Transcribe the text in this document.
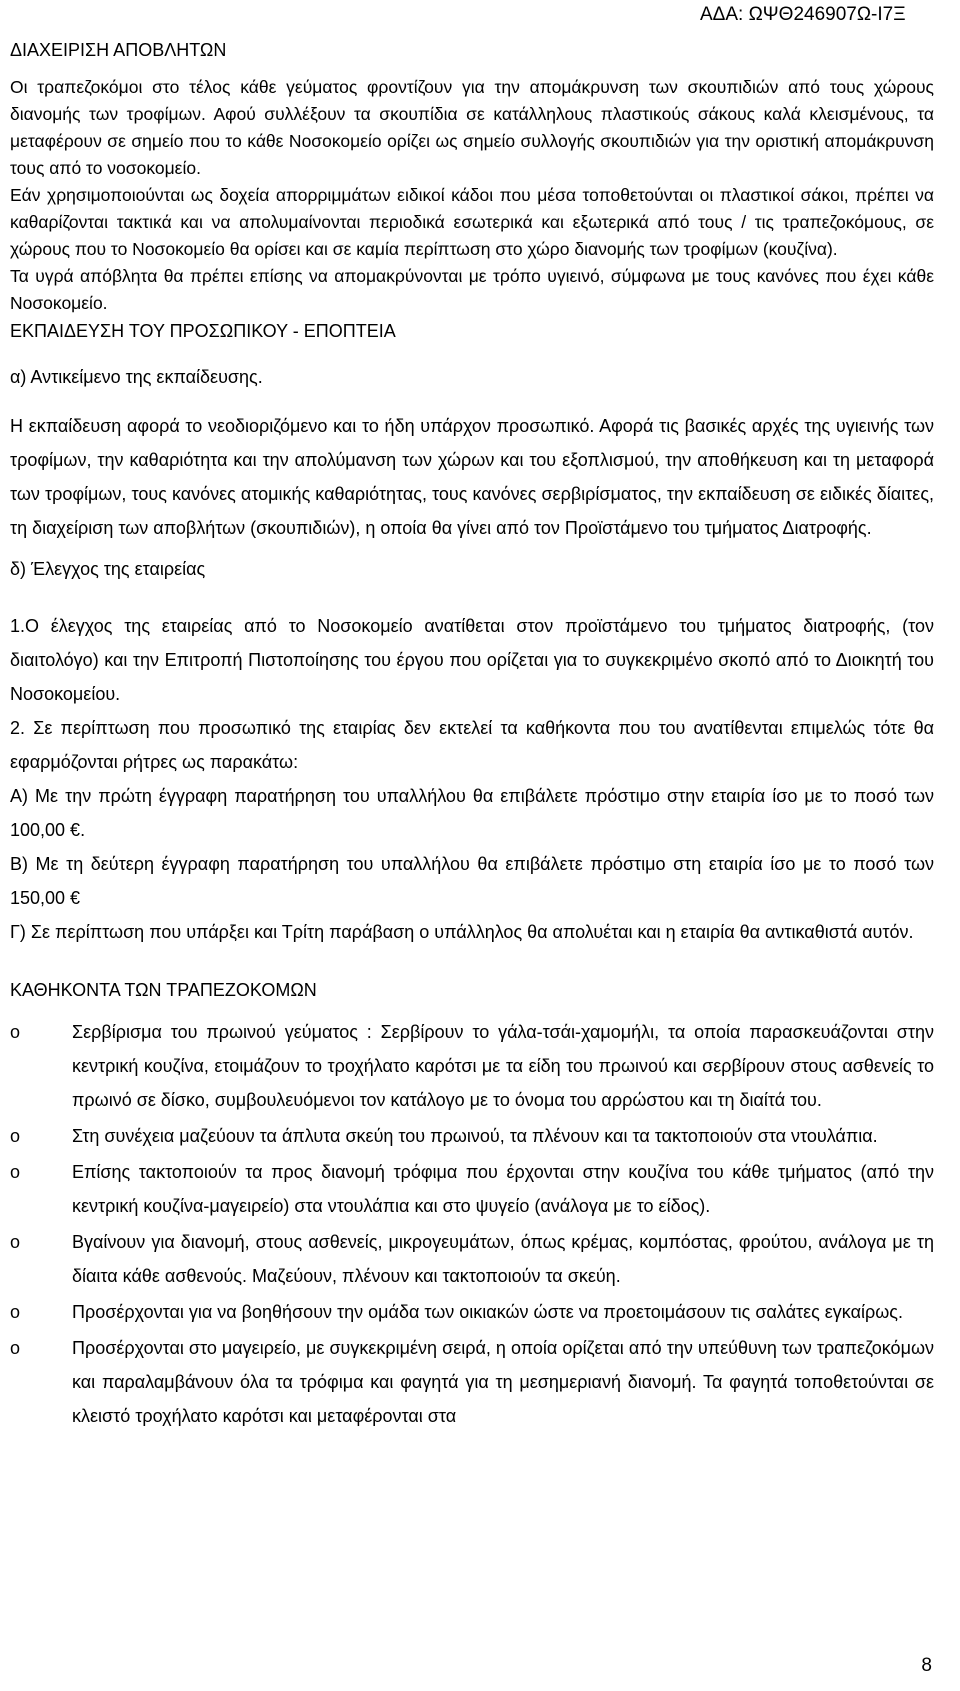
ΑΔΑ: ΩΨΘ246907Ω-Ι7Ξ

ΔΙΑΧΕΙΡΙΣΗ ΑΠΟΒΛΗΤΩΝ

Οι τραπεζοκόμοι στο τέλος κάθε γεύματος φροντίζουν για την απομάκρυνση των σκουπιδιών από τους χώρους διανομής των τροφίμων. Αφού συλλέξουν τα σκουπίδια σε κατάλληλους πλαστικούς σάκους καλά κλεισμένους, τα μεταφέρουν σε σημείο που το κάθε Νοσοκομείο ορίζει ως σημείο συλλογής σκουπιδιών για την οριστική απομάκρυνση τους από το νοσοκομείο.

Εάν χρησιμοποιούνται ως δοχεία απορριμμάτων ειδικοί κάδοι που μέσα τοποθετούνται οι πλαστικοί σάκοι, πρέπει να καθαρίζονται τακτικά και να απολυμαίνονται περιοδικά εσωτερικά και εξωτερικά από τους / τις τραπεζοκόμους, σε χώρους που το Νοσοκομείο θα ορίσει και σε καμία περίπτωση στο χώρο διανομής των τροφίμων (κουζίνα).

Τα υγρά απόβλητα θα πρέπει επίσης να απομακρύνονται με τρόπο υγιεινό, σύμφωνα με τους κανόνες που έχει κάθε Νοσοκομείο.

ΕΚΠΑΙΔΕΥΣΗ ΤΟΥ ΠΡΟΣΩΠΙΚΟΥ - ΕΠΟΠΤΕΙΑ

α) Αντικείμενο της εκπαίδευσης.

Η εκπαίδευση αφορά το νεοδιοριζόμενο και το ήδη υπάρχον προσωπικό. Αφορά τις βασικές αρχές της υγιεινής των τροφίμων, την καθαριότητα και την απολύμανση των χώρων και του εξοπλισμού, την αποθήκευση και τη μεταφορά των τροφίμων, τους κανόνες ατομικής καθαριότητας, τους κανόνες σερβιρίσματος, την εκπαίδευση σε ειδικές δίαιτες, τη διαχείριση των αποβλήτων (σκουπιδιών), η οποία θα γίνει από τον Προϊστάμενο του τμήματος Διατροφής.

δ) Έλεγχος της εταιρείας

1.Ο έλεγχος της εταιρείας από το Νοσοκομείο ανατίθεται στον προϊστάμενο του τμήματος διατροφής, (τον διαιτολόγο) και την Επιτροπή Πιστοποίησης του έργου που ορίζεται για το συγκεκριμένο σκοπό από το Διοικητή του Νοσοκομείου.

2. Σε περίπτωση που προσωπικό της εταιρίας δεν εκτελεί τα καθήκοντα που του ανατίθενται επιμελώς τότε θα εφαρμόζονται ρήτρες ως παρακάτω:

Α) Με την πρώτη έγγραφη παρατήρηση του υπαλλήλου θα επιβάλετε πρόστιμο στην εταιρία ίσο με το ποσό των 100,00 €.

Β) Με τη δεύτερη έγγραφη παρατήρηση του υπαλλήλου θα επιβάλετε πρόστιμο στη εταιρία ίσο με το ποσό των 150,00 €

Γ) Σε περίπτωση που υπάρξει και Τρίτη παράβαση ο υπάλληλος θα απολυέται και η εταιρία θα αντικαθιστά αυτόν.

ΚΑΘΗΚΟΝΤΑ ΤΩΝ ΤΡΑΠΕΖΟΚΟΜΩΝ

o	Σερβίρισμα του πρωινού γεύματος : Σερβίρουν το γάλα-τσάι-χαμομήλι, τα οποία παρασκευάζονται στην κεντρική κουζίνα, ετοιμάζουν το τροχήλατο καρότσι με τα είδη του πρωινού και σερβίρουν στους ασθενείς το πρωινό σε δίσκο, συμβουλευόμενοι τον κατάλογο με το όνομα του αρρώστου και τη διαίτά του.
o	Στη συνέχεια μαζεύουν τα άπλυτα σκεύη του πρωινού, τα πλένουν και τα τακτοποιούν στα ντουλάπια.
o	Επίσης τακτοποιούν τα προς διανομή τρόφιμα που έρχονται στην κουζίνα του κάθε τμήματος (από την κεντρική κουζίνα-μαγειρείο) στα ντουλάπια και στο ψυγείο (ανάλογα με το είδος).
o	Βγαίνουν για διανομή, στους ασθενείς, μικρογευμάτων, όπως κρέμας, κομπόστας, φρούτου, ανάλογα με τη δίαιτα κάθε ασθενούς. Μαζεύουν, πλένουν και τακτοποιούν τα σκεύη.
o	Προσέρχονται για να βοηθήσουν την ομάδα των οικιακών ώστε να προετοιμάσουν τις σαλάτες εγκαίρως.
o	Προσέρχονται στο μαγειρείο, με συγκεκριμένη σειρά, η οποία ορίζεται από την υπεύθυνη των τραπεζοκόμων και παραλαμβάνουν όλα τα τρόφιμα και φαγητά για τη μεσημεριανή διανομή. Τα φαγητά τοποθετούνται σε κλειστό τροχήλατο καρότσι και μεταφέρονται στα
8
